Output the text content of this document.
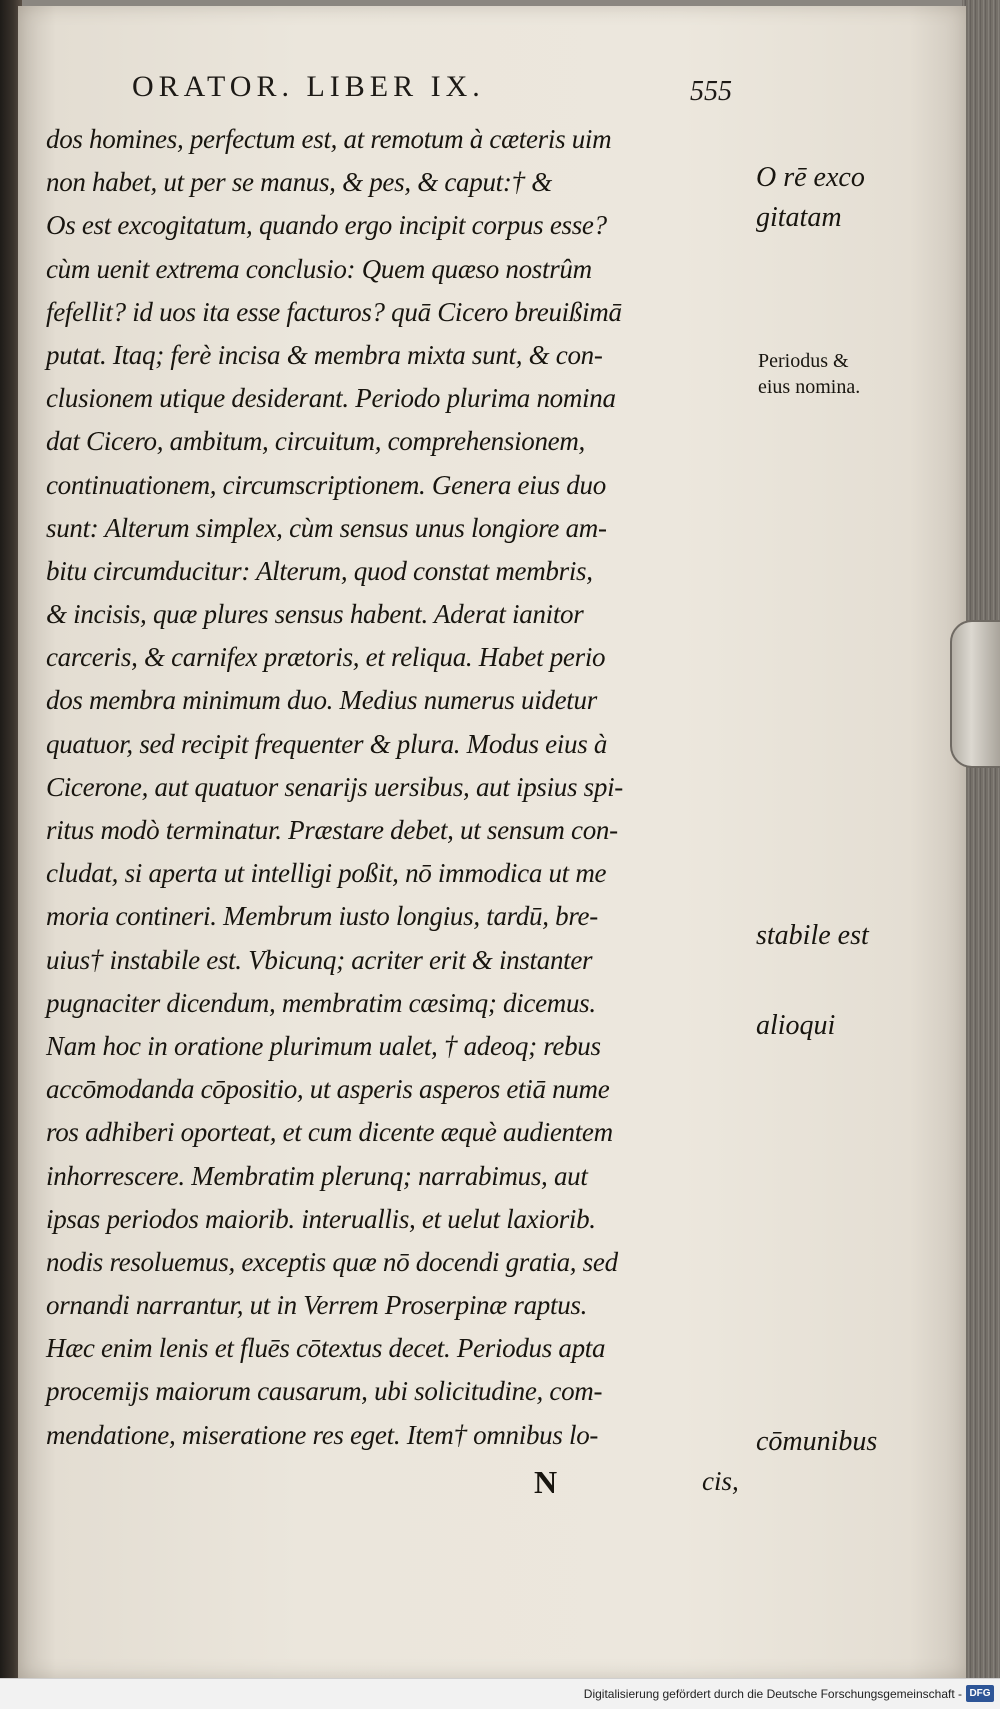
ORATOR. LIBER IX.	555
dos homines, perfectum est, at remotum à cæteris uim
non habet, ut per se manus, & pes, & caput:† &
Os est excogitatum, quando ergo incipit corpus esse?
cùm uenit extrema conclusio: Quem quæso nostrûm
fefellit? id uos ita esse facturos? quā Cicero breuißimā
putat. Itaq; ferè incisa & membra mixta sunt, & con-
clusionem utique desiderant. Periodo plurima nomina
dat Cicero, ambitum, circuitum, comprehensionem,
continuationem, circumscriptionem. Genera eius duo
sunt: Alterum simplex, cùm sensus unus longiore am-
bitu circumducitur: Alterum, quod constat membris,
& incisis, quæ plures sensus habent. Aderat ianitor
carceris, & carnifex prætoris, et reliqua. Habet perio
dos membra minimum duo. Medius numerus uidetur
quatuor, sed recipit frequenter & plura. Modus eius à
Cicerone, aut quatuor senarijs uersibus, aut ipsius spi-
ritus modò terminatur. Præstare debet, ut sensum con-
cludat, si aperta ut intelligi poßit, nō immodica ut me
moria contineri. Membrum iusto longius, tardū, bre-
uius† instabile est. Vbicunq; acriter erit & instanter
pugnaciter dicendum, membratim cæsimq; dicemus.
Nam hoc in oratione plurimum ualet, † adeoq; rebus
accōmodanda cōpositio, ut asperis asperos etiā nume
ros adhiberi oporteat, et cum dicente æquè audientem
inhorrescere. Membratim plerunq; narrabimus, aut
ipsas periodos maiorib. interuallis, et uelut laxiorib.
nodis resoluemus, exceptis quæ nō docendi gratia, sed
ornandi narrantur, ut in Verrem Proserpinæ raptus.
Hæc enim lenis et fluēs cōtextus decet. Periodus apta
procemijs maiorum causarum, ubi solicitudine, com-
mendatione, miseratione res eget. Item† omnibus lo-
O rē exco
gitatam
Periodus &
eius nomina.
stabile est
alioqui
cōmunibus
N	cis,
Digitalisierung gefördert durch die Deutsche Forschungsgemeinschaft - DFG
